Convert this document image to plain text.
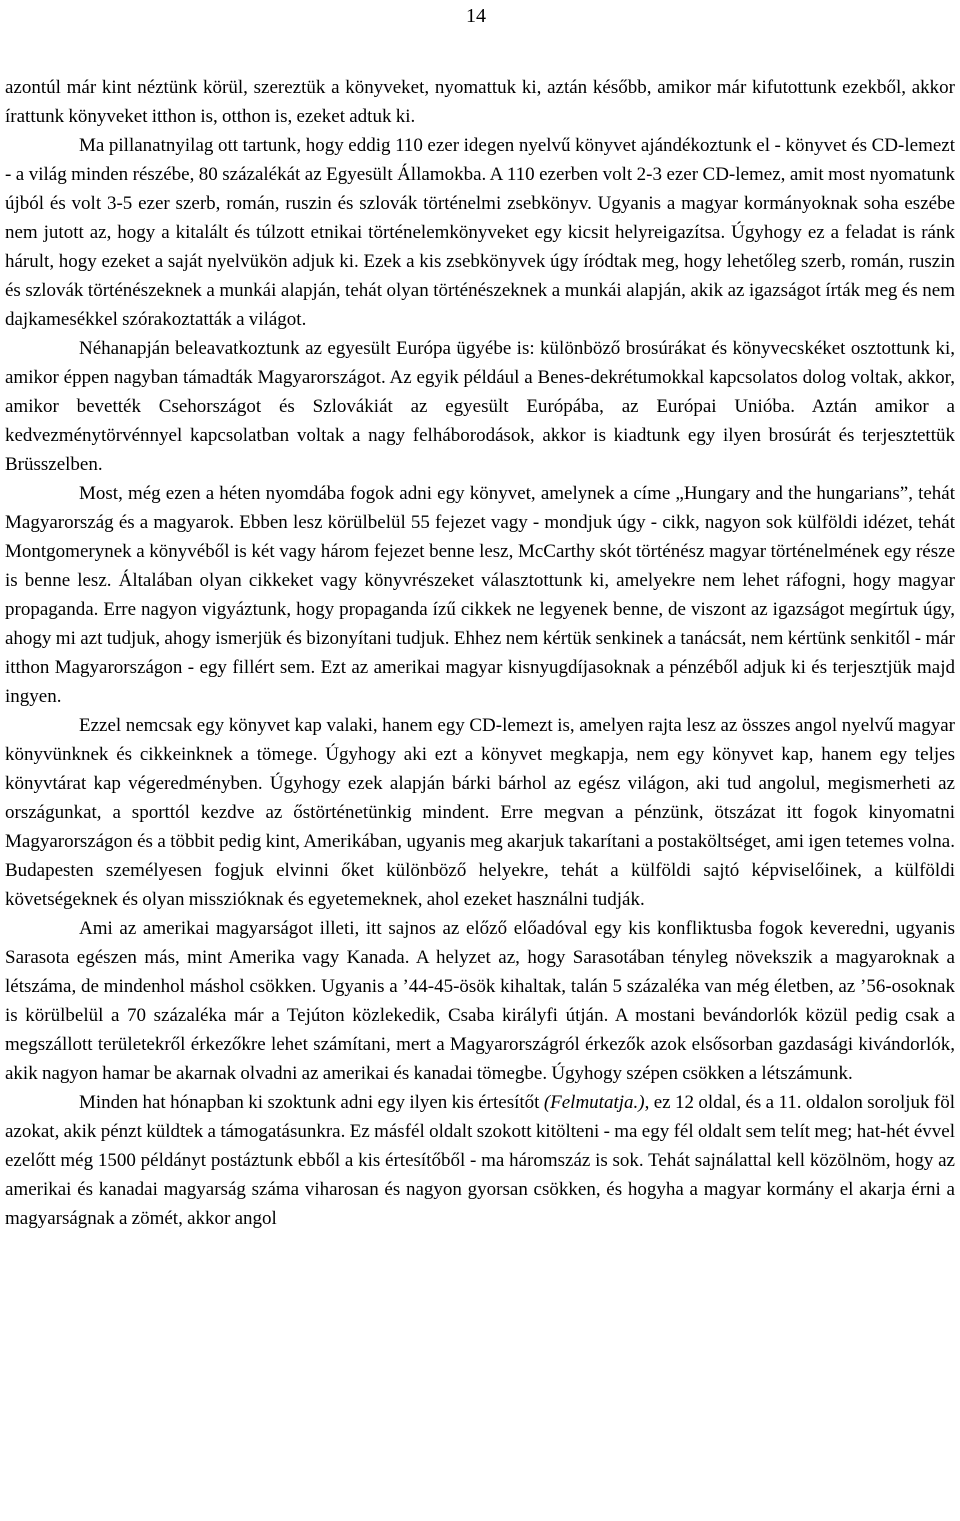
14

azontúl már kint néztünk körül, szereztük a könyveket, nyomattuk ki, aztán később, amikor már kifutottunk ezekből, akkor írattunk könyveket itthon is, otthon is, ezeket adtuk ki.

Ma pillanatnyilag ott tartunk, hogy eddig 110 ezer idegen nyelvű könyvet ajándékoztunk el - könyvet és CD-lemezt - a világ minden részébe, 80 százalékát az Egyesült Államokba. A 110 ezerben volt 2-3 ezer CD-lemez, amit most nyomatunk újból és volt 3-5 ezer szerb, román, ruszin és szlovák történelmi zsebkönyv. Ugyanis a magyar kormányoknak soha eszébe nem jutott az, hogy a kitalált és túlzott etnikai történelemkönyveket egy kicsit helyreigazítsa. Úgyhogy ez a feladat is ránk hárult, hogy ezeket a saját nyelvükön adjuk ki. Ezek a kis zsebkönyvek úgy íródtak meg, hogy lehetőleg szerb, román, ruszin és szlovák történészeknek a munkái alapján, tehát olyan történészeknek a munkái alapján, akik az igazságot írták meg és nem dajkamesékkel szórakoztatták a világot.

Néhanapján beleavatkoztunk az egyesült Európa ügyébe is: különböző brosúrákat és könyvecskéket osztottunk ki, amikor éppen nagyban támadták Magyarországot. Az egyik például a Benes-dekrétumokkal kapcsolatos dolog voltak, akkor, amikor bevették Csehországot és Szlovákiát az egyesült Európába, az Európai Unióba. Aztán amikor a kedvezménytörvénnyel kapcsolatban voltak a nagy felháborodások, akkor is kiadtunk egy ilyen brosúrát és terjesztettük Brüsszelben.

Most, még ezen a héten nyomdába fogok adni egy könyvet, amelynek a címe „Hungary and the hungarians”, tehát Magyarország és a magyarok. Ebben lesz körülbelül 55 fejezet vagy - mondjuk úgy - cikk, nagyon sok külföldi idézet, tehát Montgomerynek a könyvéből is két vagy három fejezet benne lesz, McCarthy skót történész magyar történelmének egy része is benne lesz. Általában olyan cikkeket vagy könyvrészeket választottunk ki, amelyekre nem lehet ráfogni, hogy magyar propaganda. Erre nagyon vigyáztunk, hogy propaganda ízű cikkek ne legyenek benne, de viszont az igazságot megírtuk úgy, ahogy mi azt tudjuk, ahogy ismerjük és bizonyítani tudjuk. Ehhez nem kértük senkinek a tanácsát, nem kértünk senkitől - már itthon Magyarországon - egy fillért sem. Ezt az amerikai magyar kisnyugdíjasoknak a pénzéből adjuk ki és terjesztjük majd ingyen.

Ezzel nemcsak egy könyvet kap valaki, hanem egy CD-lemezt is, amelyen rajta lesz az összes angol nyelvű magyar könyvünknek és cikkeinknek a tömege. Úgyhogy aki ezt a könyvet megkapja, nem egy könyvet kap, hanem egy teljes könyvtárat kap végeredményben. Úgyhogy ezek alapján bárki bárhol az egész világon, aki tud angolul, megismerheti az országunkat, a sporttól kezdve az őstörténetünkig mindent. Erre megvan a pénzünk, ötszázat itt fogok kinyomatni Magyarországon és a többit pedig kint, Amerikában, ugyanis meg akarjuk takarítani a postaköltséget, ami igen tetemes volna. Budapesten személyesen fogjuk elvinni őket különböző helyekre, tehát a külföldi sajtó képviselőinek, a külföldi követségeknek és olyan misszióknak és egyetemeknek, ahol ezeket használni tudják.

Ami az amerikai magyarságot illeti, itt sajnos az előző előadóval egy kis konfliktusba fogok keveredni, ugyanis Sarasota egészen más, mint Amerika vagy Kanada. A helyzet az, hogy Sarasotában tényleg növekszik a magyaroknak a létszáma, de mindenhol máshol csökken. Ugyanis a ’44-45-ösök kihaltak, talán 5 százaléka van még életben, az ’56-osoknak is körülbelül a 70 százaléka már a Tejúton közlekedik, Csaba királyfi útján. A mostani bevándorlók közül pedig csak a megszállott területekről érkezőkre lehet számítani, mert a Magyarországról érkezők azok elsősorban gazdasági kivándorlók, akik nagyon hamar be akarnak olvadni az amerikai és kanadai tömegbe. Úgyhogy szépen csökken a létszámunk.

Minden hat hónapban ki szoktunk adni egy ilyen kis értesítőt (Felmutatja.), ez 12 oldal, és a 11. oldalon soroljuk föl azokat, akik pénzt küldtek a támogatásunkra. Ez másfél oldalt szokott kitölteni - ma egy fél oldalt sem telít meg; hat-hét évvel ezelőtt még 1500 példányt postáztunk ebből a kis értesítőből - ma háromszáz is sok. Tehát sajnálattal kell közölnöm, hogy az amerikai és kanadai magyarság száma viharosan és nagyon gyorsan csökken, és hogyha a magyar kormány el akarja érni a magyarságnak a zömét, akkor angol
